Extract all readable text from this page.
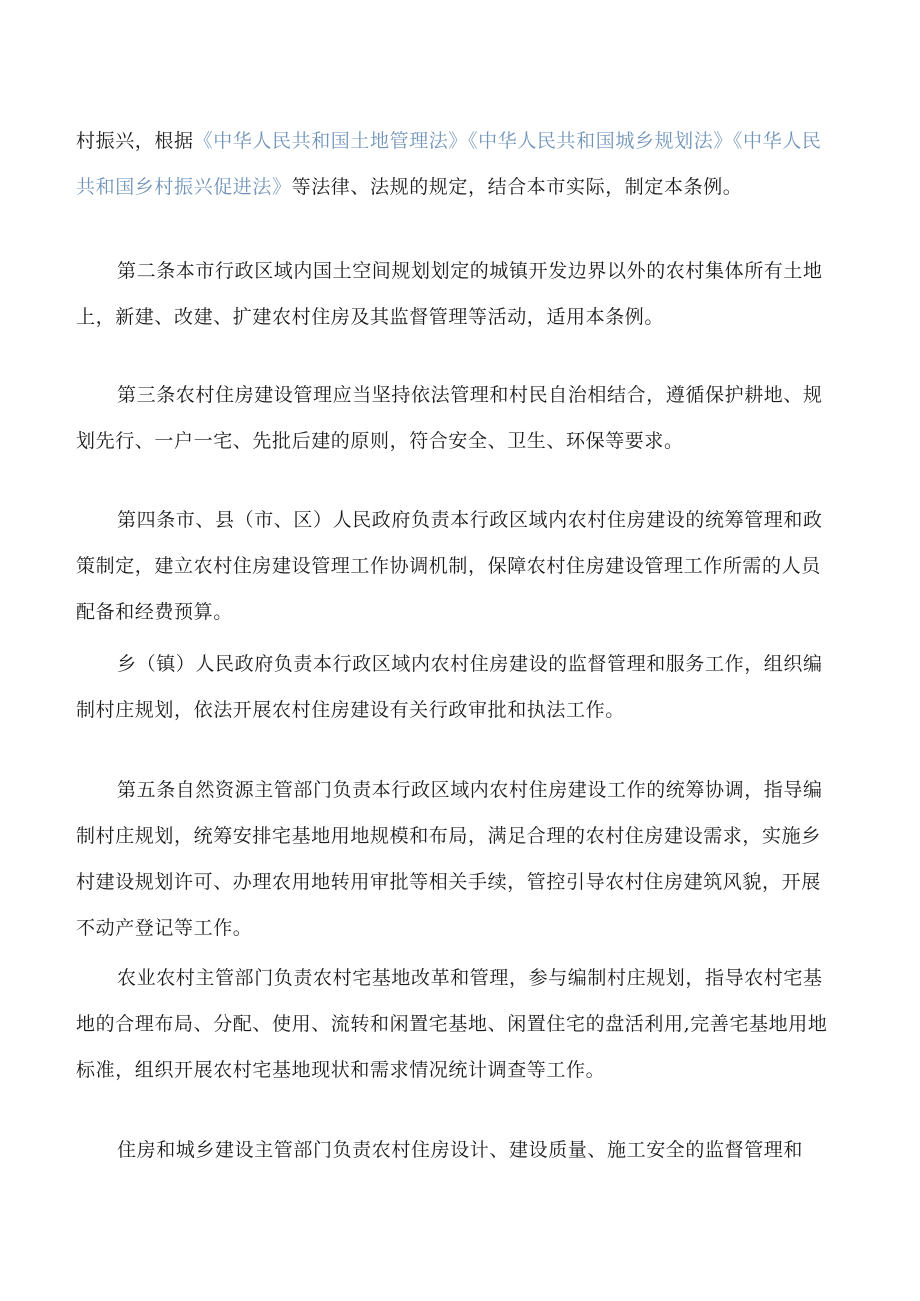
村振兴，根据《中华人民共和国土地管理法》《中华人民共和国城乡规划法》《中华人民共和国乡村振兴促进法》等法律、法规的规定，结合本市实际，制定本条例。

第二条本市行政区域内国土空间规划划定的城镇开发边界以外的农村集体所有土地上，新建、改建、扩建农村住房及其监督管理等活动，适用本条例。

第三条农村住房建设管理应当坚持依法管理和村民自治相结合，遵循保护耕地、规划先行、一户一宅、先批后建的原则，符合安全、卫生、环保等要求。

第四条市、县（市、区）人民政府负责本行政区域内农村住房建设的统筹管理和政策制定，建立农村住房建设管理工作协调机制，保障农村住房建设管理工作所需的人员配备和经费预算。

乡（镇）人民政府负责本行政区域内农村住房建设的监督管理和服务工作，组织编制村庄规划，依法开展农村住房建设有关行政审批和执法工作。

第五条自然资源主管部门负责本行政区域内农村住房建设工作的统筹协调，指导编制村庄规划，统筹安排宅基地用地规模和布局，满足合理的农村住房建设需求，实施乡村建设规划许可、办理农用地转用审批等相关手续，管控引导农村住房建筑风貌，开展不动产登记等工作。

农业农村主管部门负责农村宅基地改革和管理，参与编制村庄规划，指导农村宅基地的合理布局、分配、使用、流转和闲置宅基地、闲置住宅的盘活利用,完善宅基地用地标准，组织开展农村宅基地现状和需求情况统计调查等工作。

住房和城乡建设主管部门负责农村住房设计、建设质量、施工安全的监督管理和
